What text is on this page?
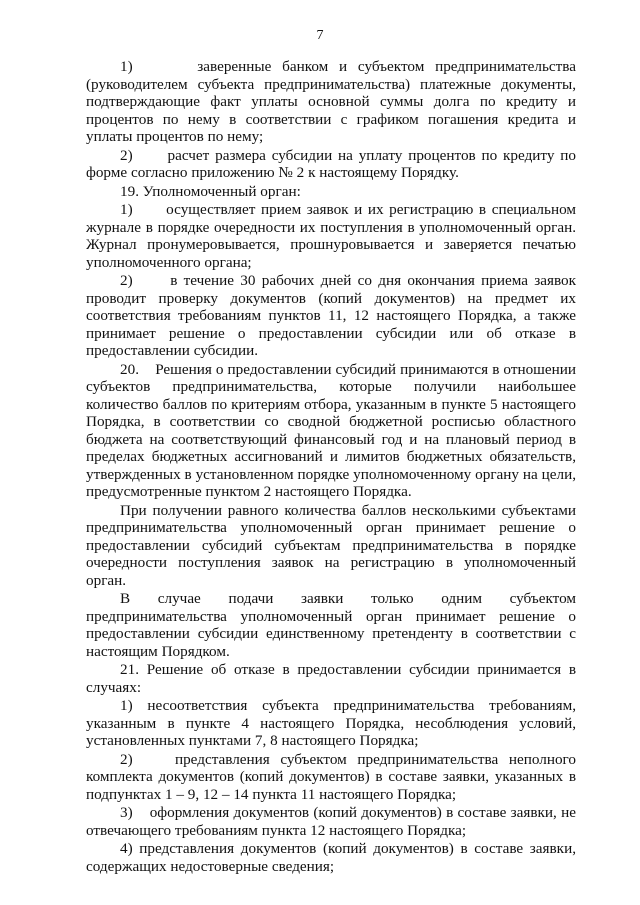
7

1)      заверенные банком и субъектом предпринимательства (руководителем субъекта предпринимательства) платежные документы, подтверждающие факт уплаты основной суммы долга по кредиту и процентов по нему в соответствии с графиком погашения кредита и уплаты процентов по нему;

2)      расчет размера субсидии на уплату процентов по кредиту по форме согласно приложению № 2 к настоящему Порядку.

19. Уполномоченный орган:

1)      осуществляет прием заявок и их регистрацию в специальном журнале в порядке очередности их поступления в уполномоченный орган. Журнал пронумеровывается, прошнуровывается и заверяется печатью уполномоченного органа;

2)      в течение 30 рабочих дней со дня окончания приема заявок проводит проверку документов (копий документов) на предмет их соответствия требованиям пунктов 11, 12 настоящего Порядка, а также принимает решение о предоставлении субсидии или об отказе в предоставлении субсидии.

20.    Решения о предоставлении субсидий принимаются в отношении субъектов предпринимательства, которые получили наибольшее количество баллов по критериям отбора, указанным в пункте 5 настоящего Порядка, в соответствии со сводной бюджетной росписью областного бюджета на соответствующий финансовый год и на плановый период в пределах бюджетных ассигнований и лимитов бюджетных обязательств, утвержденных в установленном порядке уполномоченному органу на цели, предусмотренные пунктом 2 настоящего Порядка.

При получении равного количества баллов несколькими субъектами предпринимательства уполномоченный орган принимает решение о предоставлении субсидий субъектам предпринимательства в порядке очередности поступления заявок на регистрацию в уполномоченный орган.

В случае подачи заявки только одним субъектом предпринимательства уполномоченный орган принимает решение о предоставлении субсидии единственному претенденту в соответствии с настоящим Порядком.

21. Решение об отказе в предоставлении субсидии принимается в случаях:

1) несоответствия субъекта предпринимательства требованиям, указанным в пункте 4 настоящего Порядка, несоблюдения условий, установленных пунктами 7, 8 настоящего Порядка;

2)    представления субъектом предпринимательства неполного комплекта документов (копий документов) в составе заявки, указанных в подпунктах 1 – 9, 12 – 14 пункта 11 настоящего Порядка;

3)    оформления документов (копий документов) в составе заявки, не отвечающего требованиям пункта 12 настоящего Порядка;

4) представления документов (копий документов) в составе заявки, содержащих недостоверные сведения;
